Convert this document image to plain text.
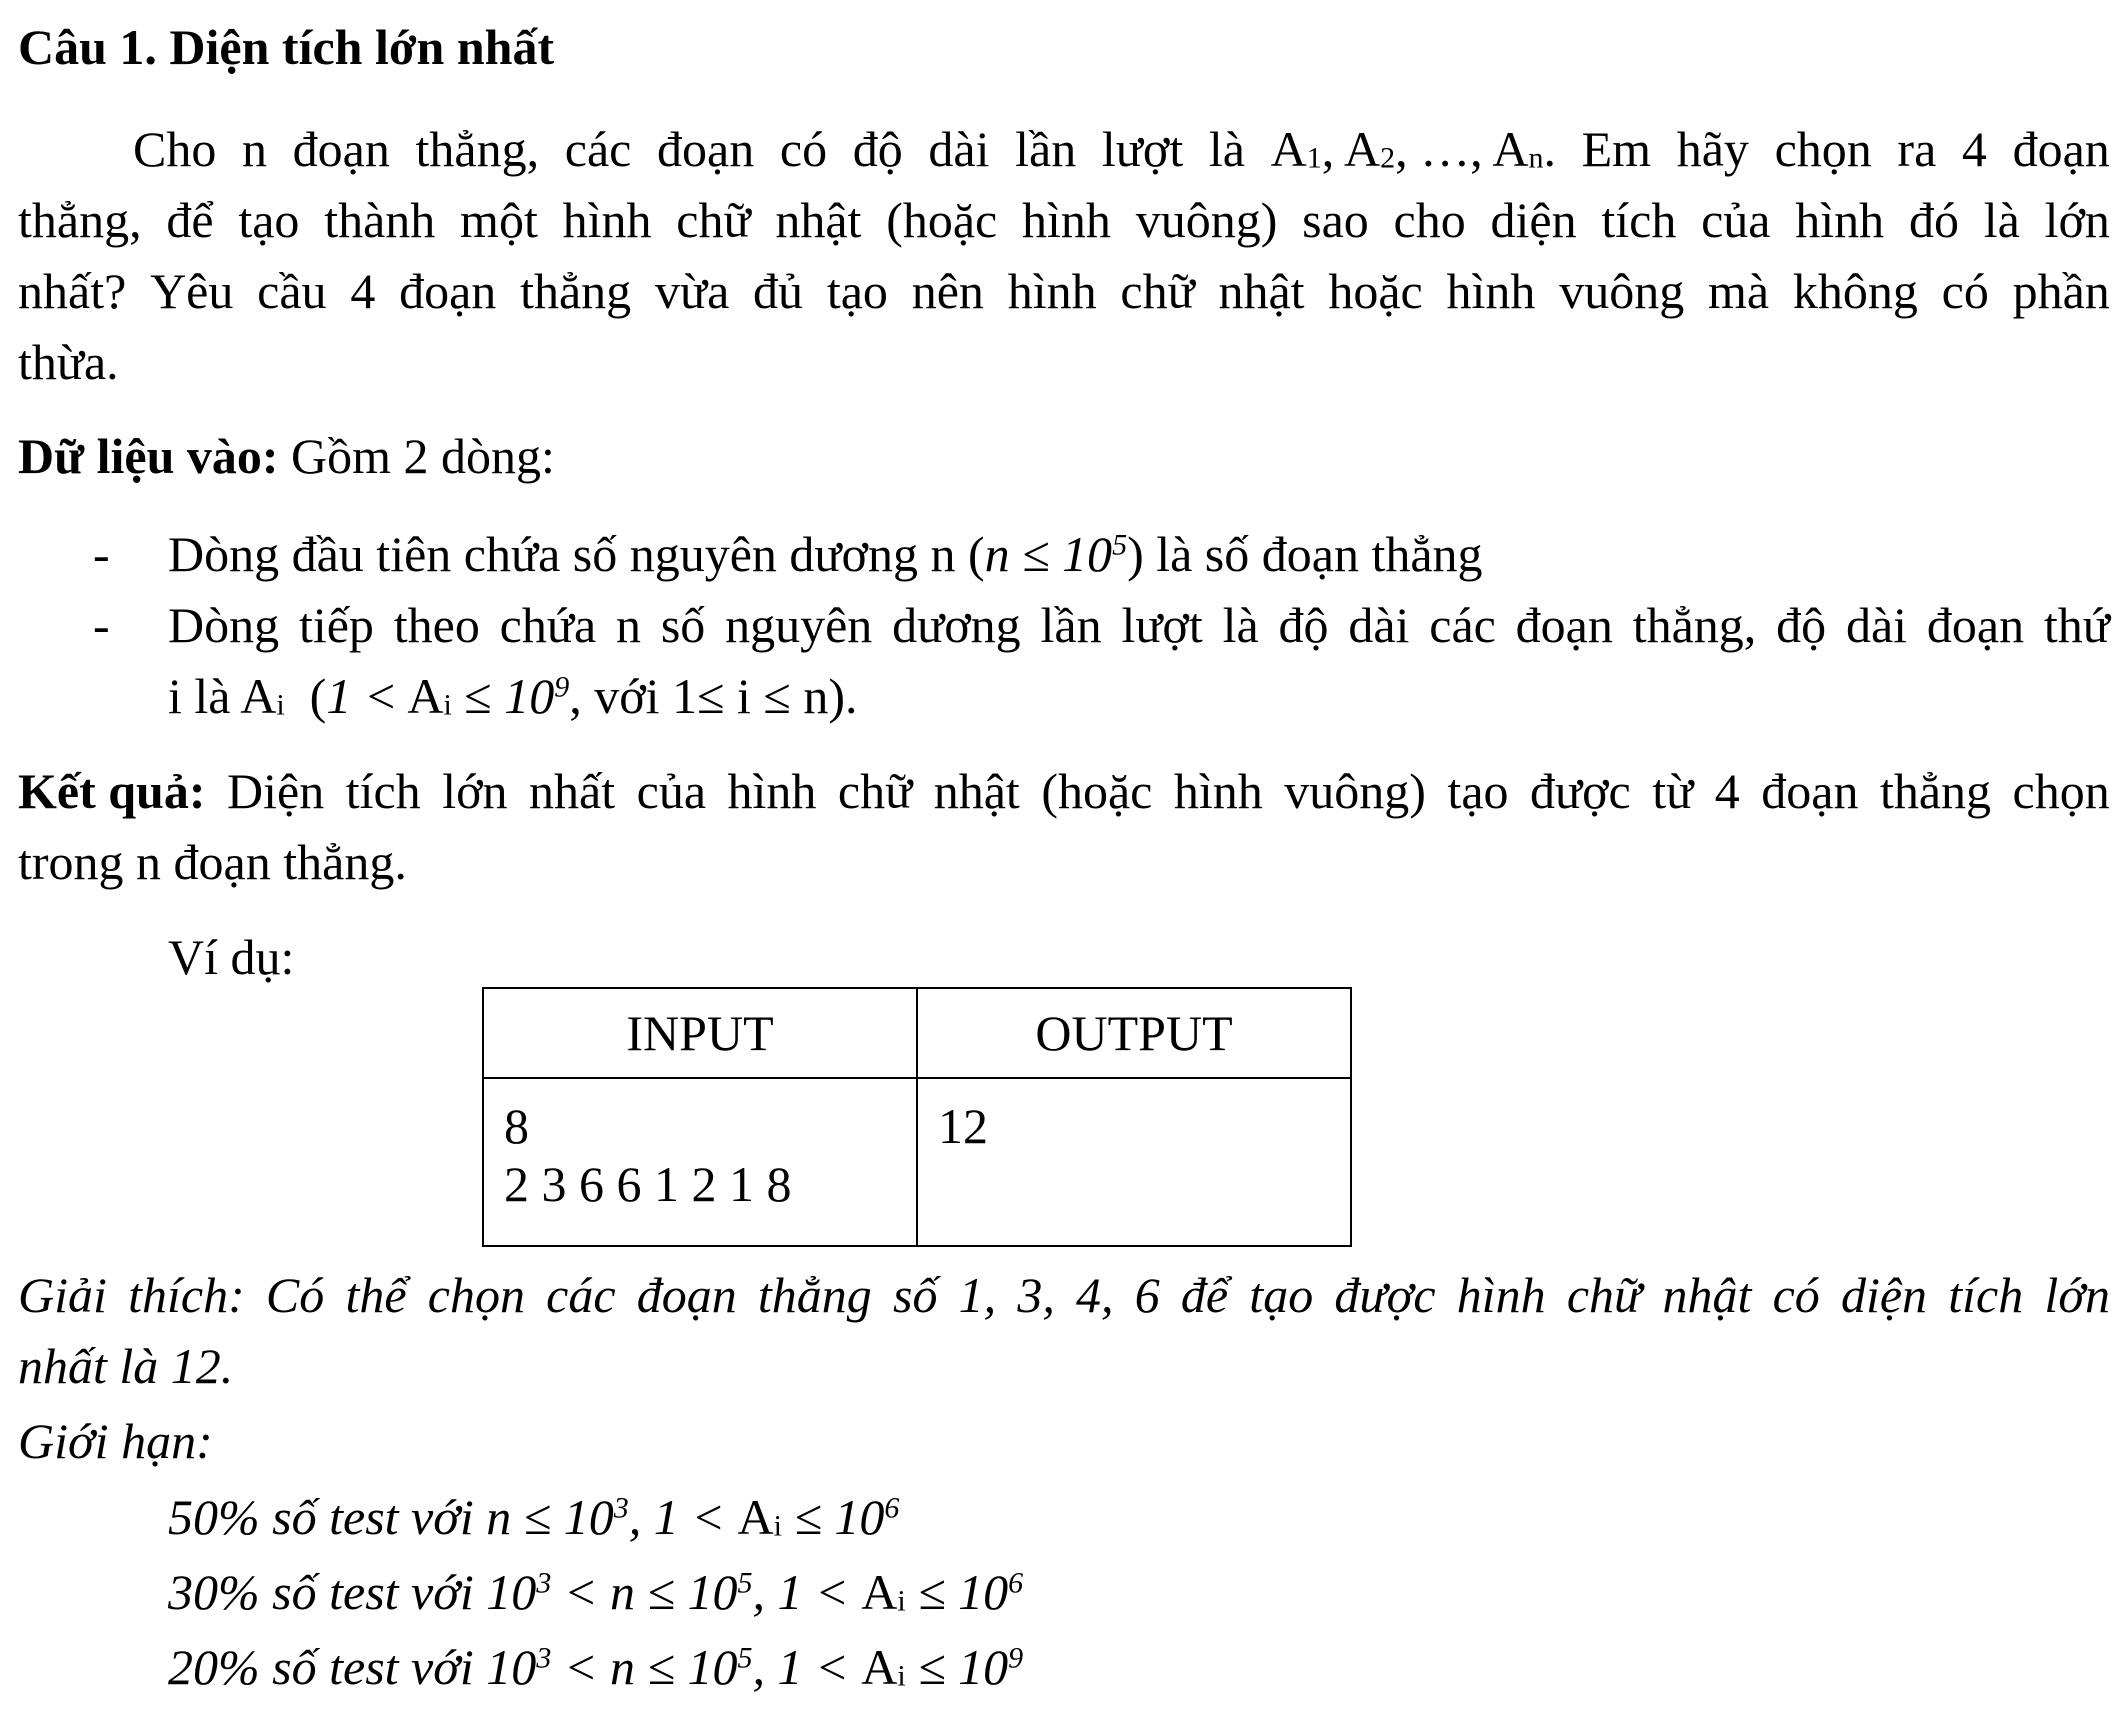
Câu 1. Diện tích lớn nhất
Cho n đoạn thẳng, các đoạn có độ dài lần lượt là $A_1$, $A_2$, …, $A_n$. Em hãy chọn ra 4 đoạn
thẳng, để tạo thành một hình chữ nhật (hoặc hình vuông) sao cho diện tích của hình đó là lớn
nhất? Yêu cầu 4 đoạn thẳng vừa đủ tạo nên hình chữ nhật hoặc hình vuông mà không có phần
thừa.
Dữ liệu vào: Gồm 2 dòng:
- Dòng đầu tiên chứa số nguyên dương n $(n \le 10^5)$ là số đoạn thẳng
- Dòng tiếp theo chứa n số nguyên dương lần lượt là độ dài các đoạn thẳng, độ dài đoạn thứ
i là $A_i$  ($1 < A_i \le 10^9$, với 1≤ i ≤ n).
Kết quả: Diện tích lớn nhất của hình chữ nhật (hoặc hình vuông) tạo được từ 4 đoạn thẳng chọn
trong n đoạn thẳng.
Ví dụ:
INPUT	OUTPUT

8
2 3 6 6 1 2 1 8	12
Giải thích: Có thể chọn các đoạn thẳng số 1, 3, 4, 6 để tạo được hình chữ nhật có diện tích lớn
nhất là 12.
Giới hạn:
50% số test với $n \le 10^3$, $1 < A_i \le 10^6$
30% số test với $10^3 < n \le 10^5$, $1 < A_i \le 10^6$
20% số test với $10^3 < n \le 10^5$, $1 < A_i \le 10^9$
